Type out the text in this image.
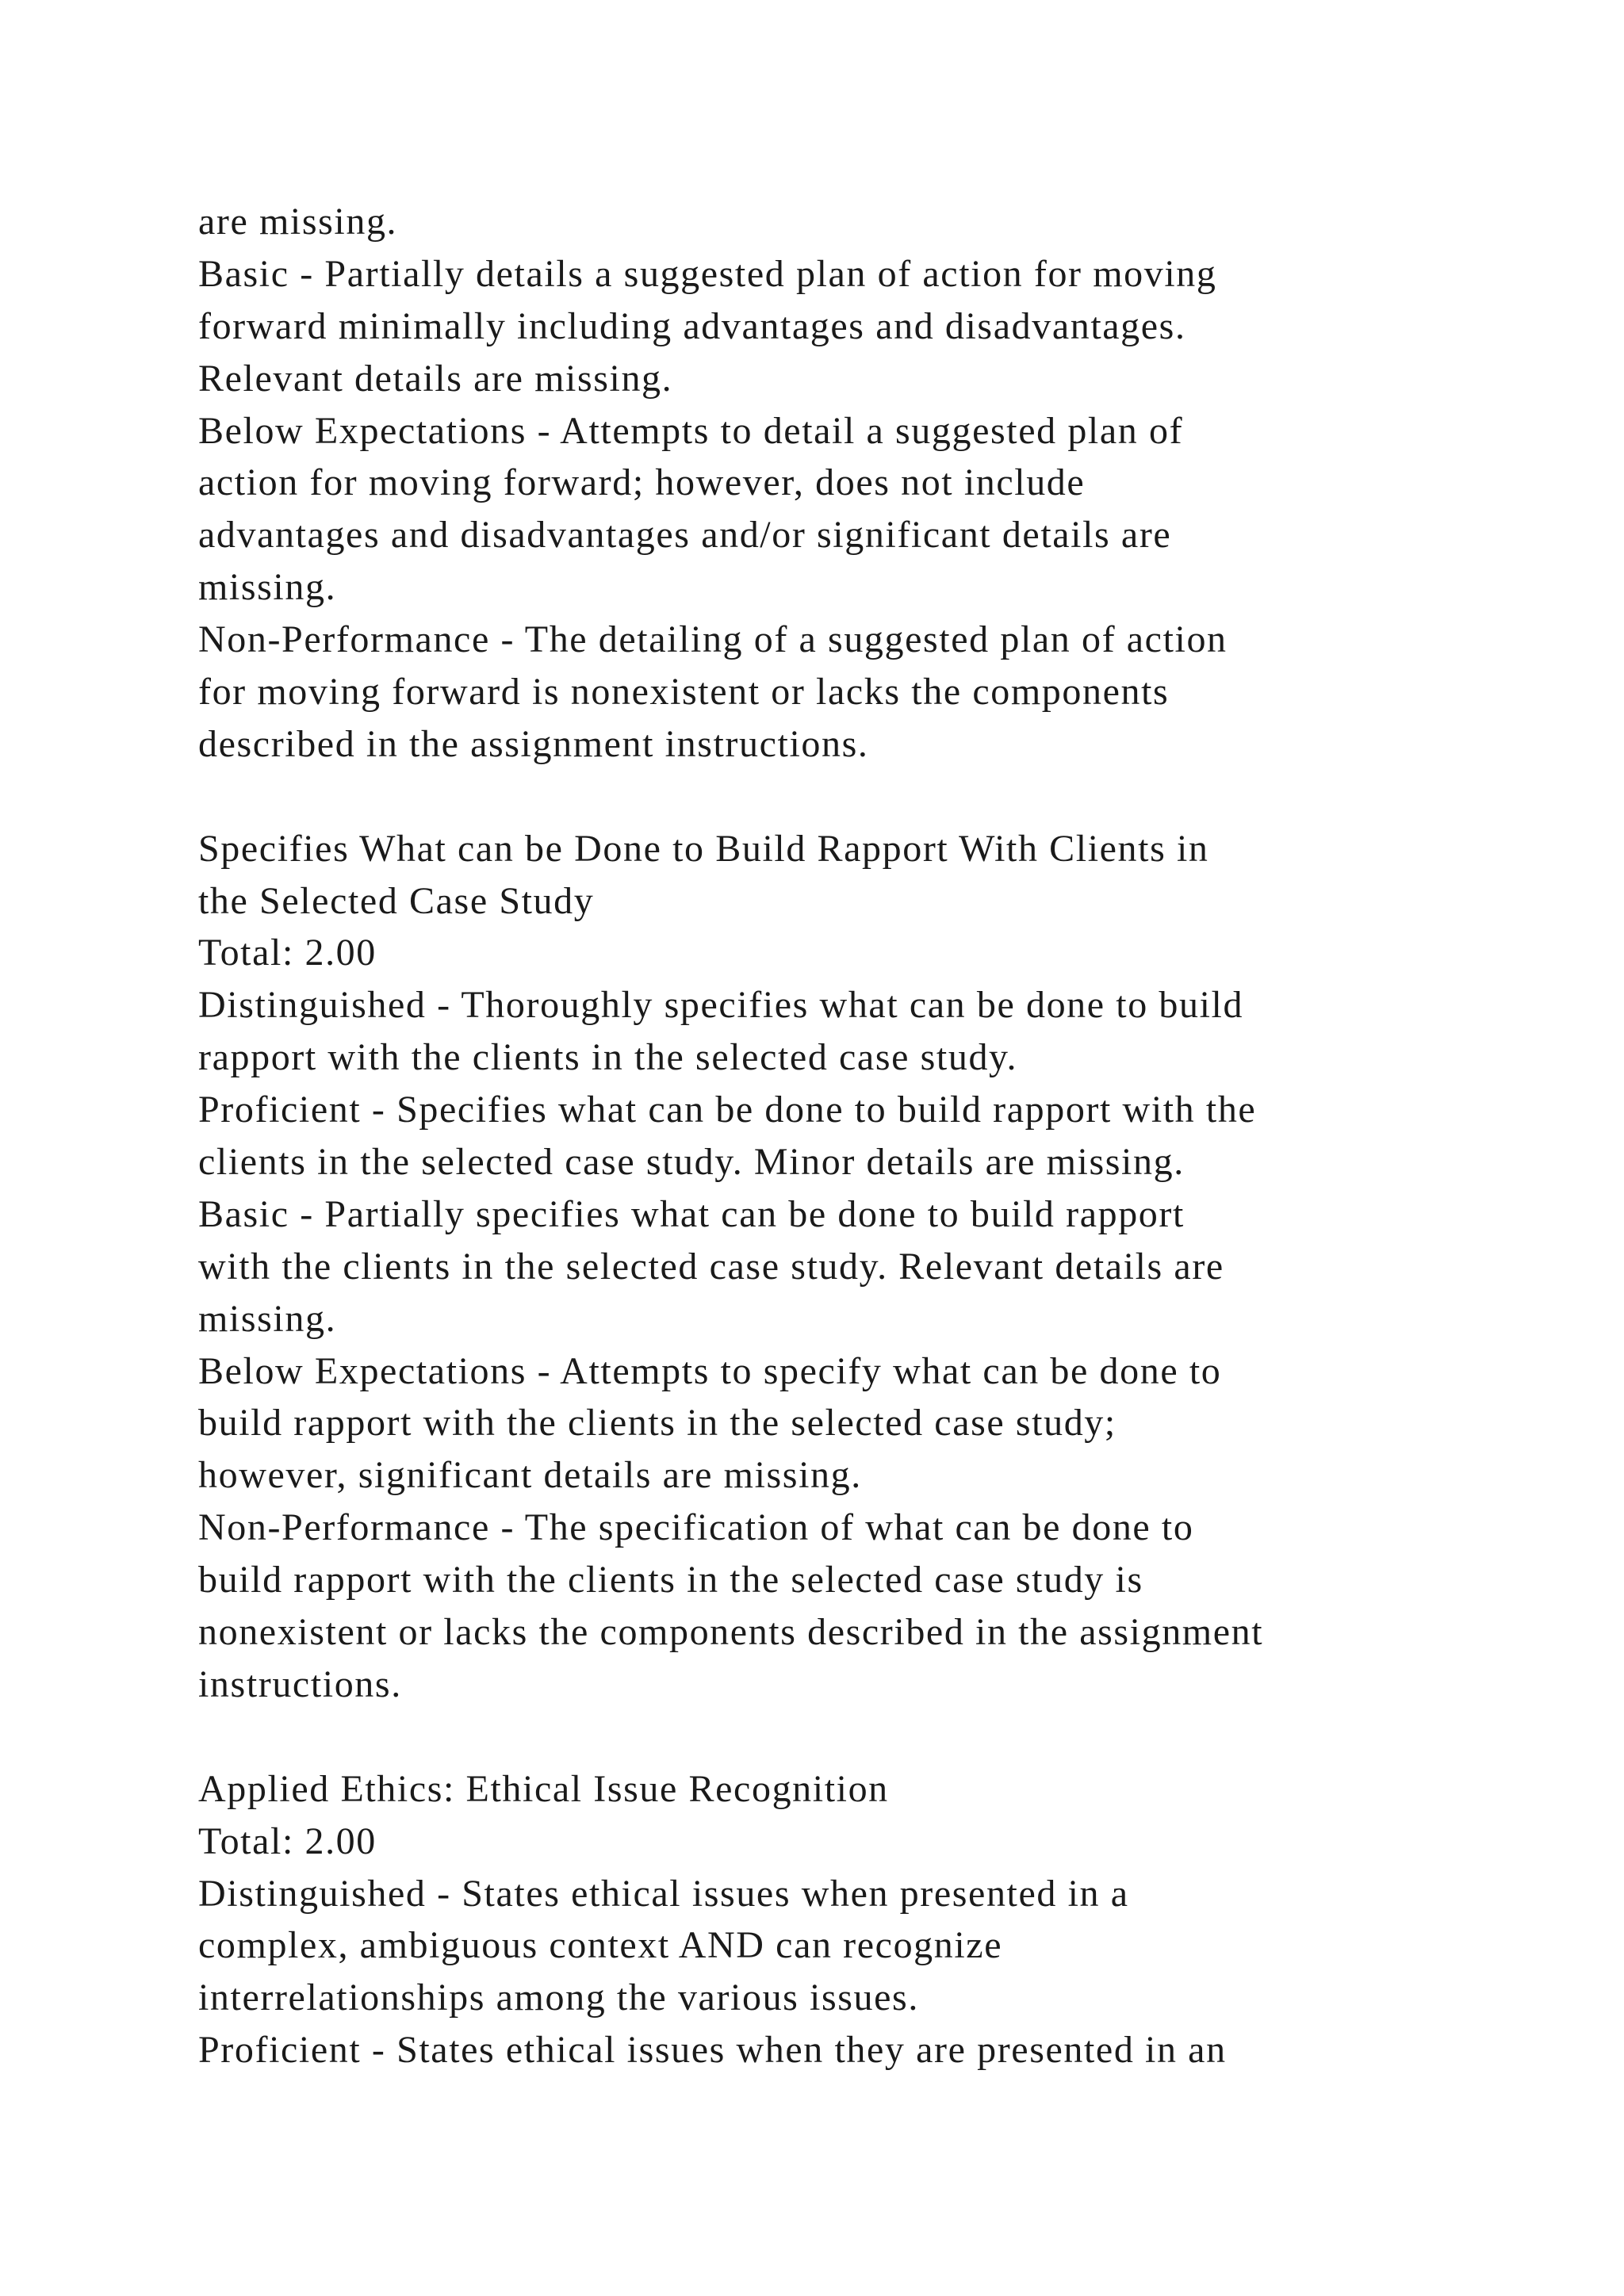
are missing.
Basic - Partially details a suggested plan of action for moving
forward minimally including advantages and disadvantages.
Relevant details are missing.
Below Expectations - Attempts to detail a suggested plan of
action for moving forward; however, does not include
advantages and disadvantages and/or significant details are
missing.
Non-Performance - The detailing of a suggested plan of action
for moving forward is nonexistent or lacks the components
described in the assignment instructions.
Specifies What can be Done to Build Rapport With Clients in
the Selected Case Study
Total: 2.00
Distinguished - Thoroughly specifies what can be done to build
rapport with the clients in the selected case study.
Proficient - Specifies what can be done to build rapport with the
clients in the selected case study. Minor details are missing.
Basic - Partially specifies what can be done to build rapport
with the clients in the selected case study. Relevant details are
missing.
Below Expectations - Attempts to specify what can be done to
build rapport with the clients in the selected case study;
however, significant details are missing.
Non-Performance - The specification of what can be done to
build rapport with the clients in the selected case study is
nonexistent or lacks the components described in the assignment
instructions.
Applied Ethics: Ethical Issue Recognition
Total: 2.00
Distinguished - States ethical issues when presented in a
complex, ambiguous context AND can recognize
interrelationships among the various issues.
Proficient - States ethical issues when they are presented in an
